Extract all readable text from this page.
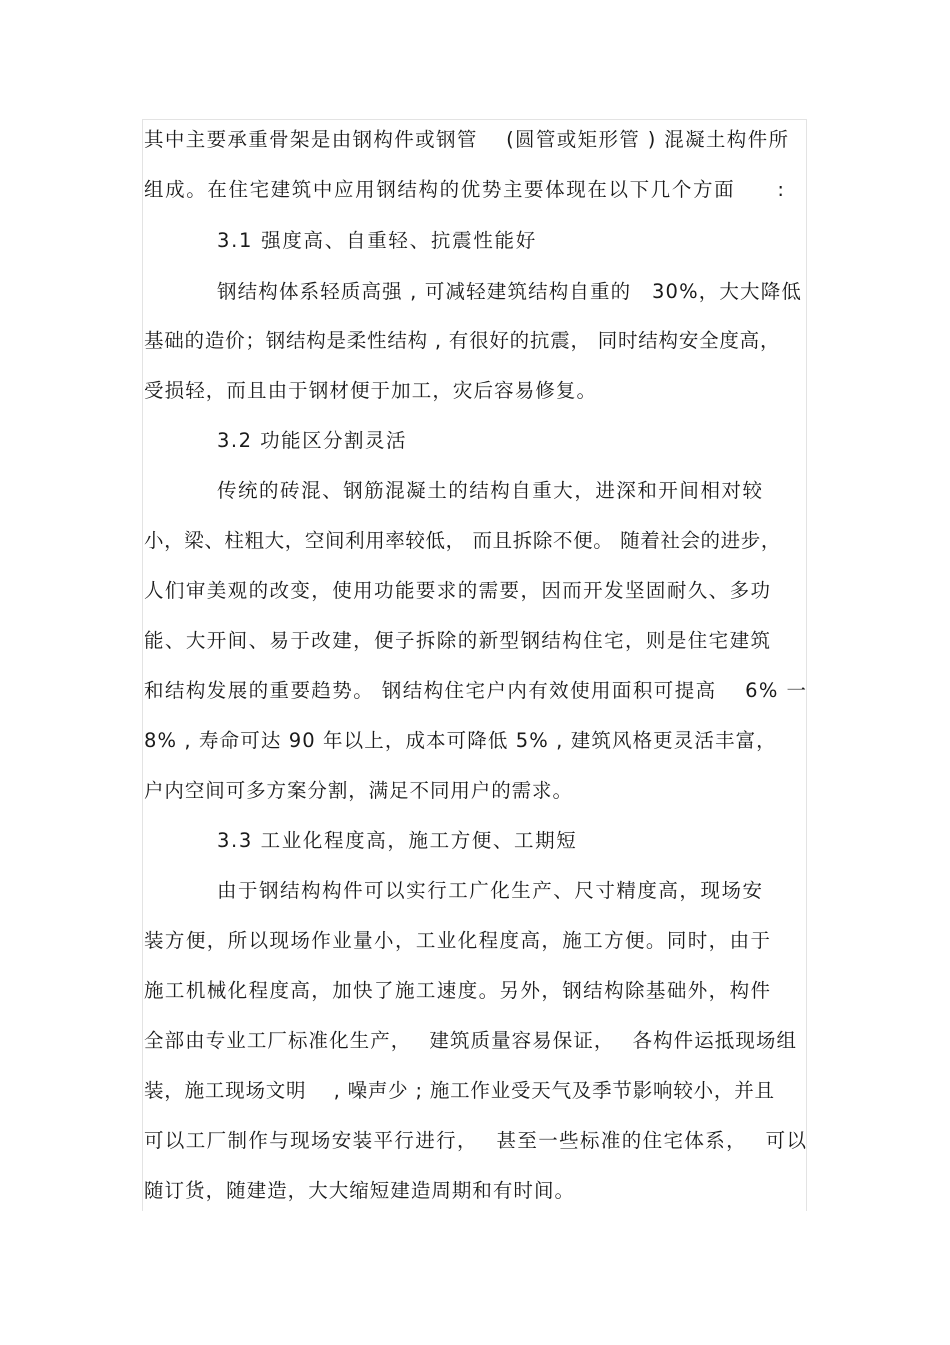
其中主要承重骨架是由钢构件或钢管　 (圆管或矩形管 ) 混凝土构件所
组成。在住宅建筑中应用钢结构的优势主要体现在以下几个方面　　:
3.1 强度高、自重轻、抗震性能好
钢结构体系轻质高强 , 可减轻建筑结构自重的　30%，大大降低
基础的造价；钢结构是柔性结构 , 有很好的抗震， 同时结构安全度高，
受损轻，而且由于钢材便于加工，灾后容易修复。
3.2 功能区分割灵活
传统的砖混、钢筋混凝土的结构自重大，进深和开间相对较
小，梁、柱粗大，空间利用率较低， 而且拆除不便。 随着社会的进步，
人们审美观的改变，使用功能要求的需要，因而开发坚固耐久、多功
能、大开间、易于改建，便子拆除的新型钢结构住宅，则是住宅建筑
和结构发展的重要趋势。 钢结构住宅户内有效使用面积可提高　 6% 一
8% , 寿命可达 90 年以上，成本可降低 5% , 建筑风格更灵活丰富，
户内空间可多方案分割，满足不同用户的需求。
3.3 工业化程度高，施工方便、工期短
由于钢结构构件可以实行工广化生产、尺寸精度高，现场安
装方便，所以现场作业量小，工业化程度高，施工方便。同时，由于
施工机械化程度高，加快了施工速度。另外，钢结构除基础外，构件
全部由专业工厂标准化生产，　 建筑质量容易保证，　 各构件运抵现场组
装，施工现场文明　 , 噪声少 ; 施工作业受天气及季节影响较小，并且
可以工厂制作与现场安装平行进行，　 甚至一些标准的住宅体系，　 可以
随订货，随建造，大大缩短建造周期和有时间。
